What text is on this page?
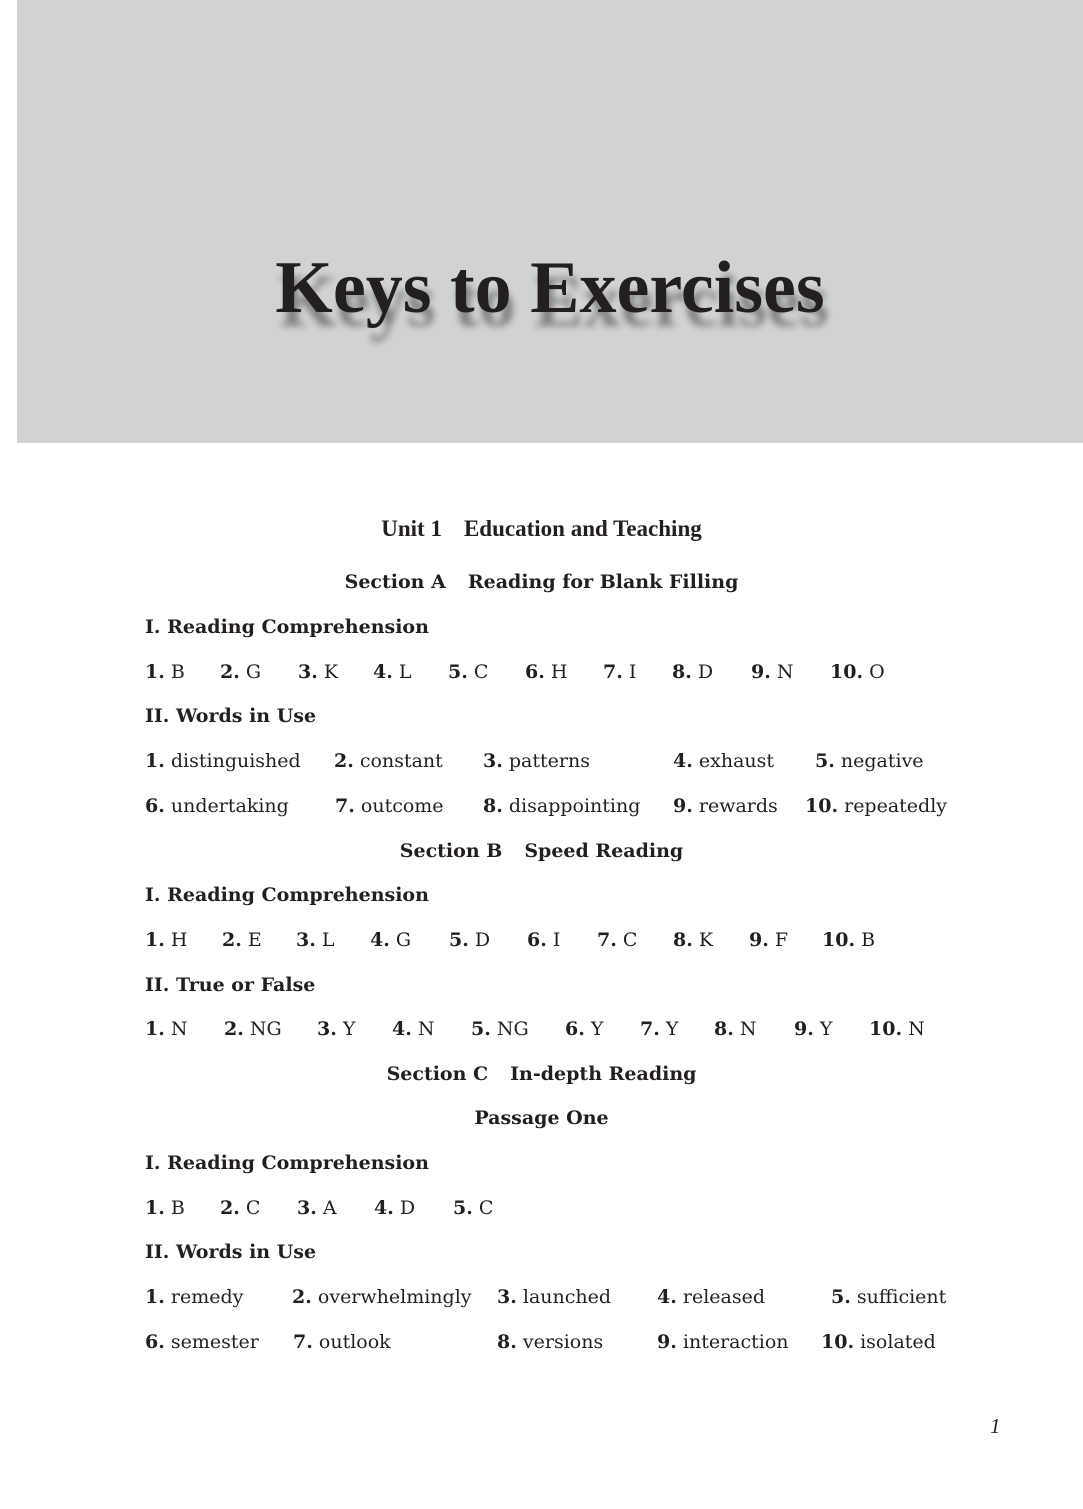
Keys to Exercises
Unit 1 Education and Teaching
Section A Reading for Blank Filling
I. Reading Comprehension
1. B 2. G 3. K 4. L 5. C 6. H 7. I 8. D 9. N 10. O
II. Words in Use
1. distinguished 2. constant 3. patterns	4. exhaust 5. negative
6. undertaking 7. outcome 8. disappointing 9. rewards 10. repeatedly
Section B Speed Reading
I. Reading Comprehension
1. H 2. E 3. L 4. G 5. D 6. I 7. C 8. K 9. F 10. B
II. True or False
1. N 2. NG 3. Y 4. N 5. NG 6. Y 7. Y 8. N 9. Y 10. N
Section C In-depth Reading
Passage One
I. Reading Comprehension
1. B 2. C 3. A 4. D 5. C
II. Words in Use
1. remedy	2. overwhelmingly 3. launched 4. released	5. sufficient
6. semester 7. outlook	8. versions	9. interaction 10. isolated
1
